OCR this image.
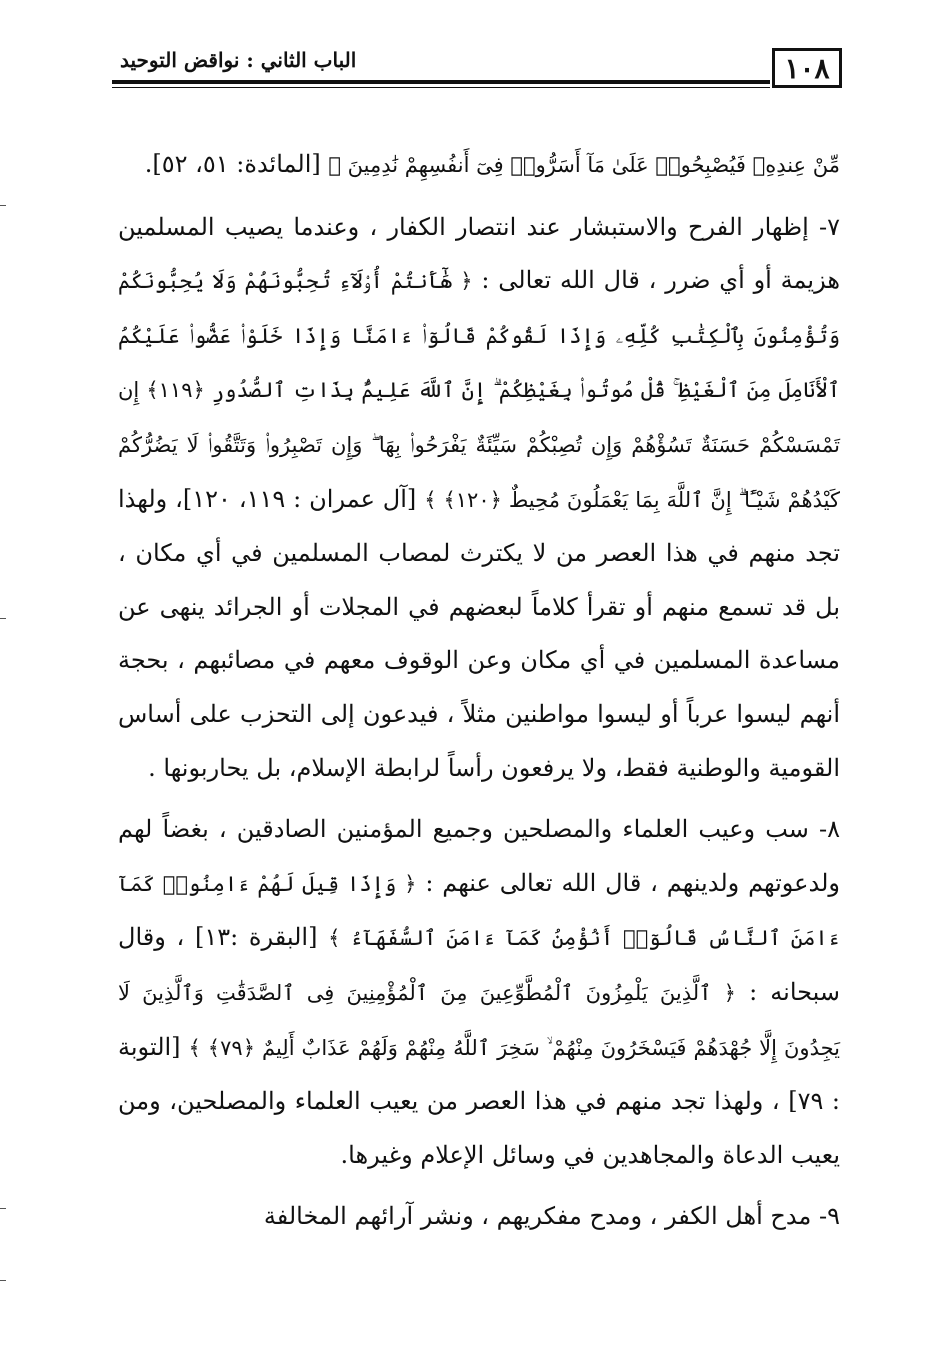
١٠٨
الباب الثاني : نواقض التوحيد

مِّنْ عِندِهِۦ فَيُصْبِحُوا۟ عَلَىٰ مَآ أَسَرُّوا۟ فِىٓ أَنفُسِهِمْ نَٰدِمِينَ ﴾ [المائدة: ٥١، ٥٢].

٧- إظهار الفرح والاستبشار عند انتصار الكفار ، وعندما يصيب المسلمين هزيمة أو أي ضرر ، قال الله تعالى : ﴿ هَٰٓأَنتُمْ أُو۟لَآءِ تُحِبُّونَهُمْ وَلَا يُحِبُّونَكُمْ وَتُؤْمِنُونَ بِٱلْكِتَٰبِ كُلِّهِۦ وَإِذَا لَقُوكُمْ قَالُوٓا۟ ءَامَنَّا وَإِذَا خَلَوْا۟ عَضُّوا۟ عَلَيْكُمُ ٱلْأَنَامِلَ مِنَ ٱلْغَيْظِ ۚ قُلْ مُوتُوا۟ بِغَيْظِكُمْ ۗ إِنَّ ٱللَّهَ عَلِيمٌۢ بِذَاتِ ٱلصُّدُورِ ﴿١١٩﴾ إِن تَمْسَسْكُمْ حَسَنَةٌ تَسُؤْهُمْ وَإِن تُصِبْكُمْ سَيِّئَةٌ يَفْرَحُوا۟ بِهَا ۖ وَإِن تَصْبِرُوا۟ وَتَتَّقُوا۟ لَا يَضُرُّكُمْ كَيْدُهُمْ شَيْـًٔا ۗ إِنَّ ٱللَّهَ بِمَا يَعْمَلُونَ مُحِيطٌ ﴿١٢٠﴾ ﴾ [آل عمران : ١١٩، ١٢٠]، ولهذا تجد منهم في هذا العصر من لا يكترث لمصاب المسلمين في أي مكان ، بل قد تسمع منهم أو تقرأ كلاماً لبعضهم في المجلات أو الجرائد ينهى عن مساعدة المسلمين في أي مكان وعن الوقوف معهم في مصائبهم ، بحجة أنهم ليسوا عرباً أو ليسوا مواطنين مثلاً ، فيدعون إلى التحزب على أساس القومية والوطنية فقط، ولا يرفعون رأساً لرابطة الإسلام، بل يحاربونها .

٨- سب وعيب العلماء والمصلحين وجميع المؤمنين الصادقين ، بغضاً لهم ولدعوتهم ولدينهم ، قال الله تعالى عنهم : ﴿ وَإِذَا قِيلَ لَهُمْ ءَامِنُوا۟ كَمَآ ءَامَنَ ٱلنَّاسُ قَالُوٓا۟ أَنُؤْمِنُ كَمَآ ءَامَنَ ٱلسُّفَهَآءُ ﴾ [البقرة :١٣] ، وقال سبحانه : ﴿ ٱلَّذِينَ يَلْمِزُونَ ٱلْمُطَّوِّعِينَ مِنَ ٱلْمُؤْمِنِينَ فِى ٱلصَّدَقَٰتِ وَٱلَّذِينَ لَا يَجِدُونَ إِلَّا جُهْدَهُمْ فَيَسْخَرُونَ مِنْهُمْ ۙ سَخِرَ ٱللَّهُ مِنْهُمْ وَلَهُمْ عَذَابٌ أَلِيمٌ ﴿٧٩﴾ ﴾ [التوبة : ٧٩] ، ولهذا تجد منهم في هذا العصر من يعيب العلماء والمصلحين، ومن يعيب الدعاة والمجاهدين في وسائل الإعلام وغيرها.

٩- مدح أهل الكفر ، ومدح مفكريهم ، ونشر آرائهم المخالفة
